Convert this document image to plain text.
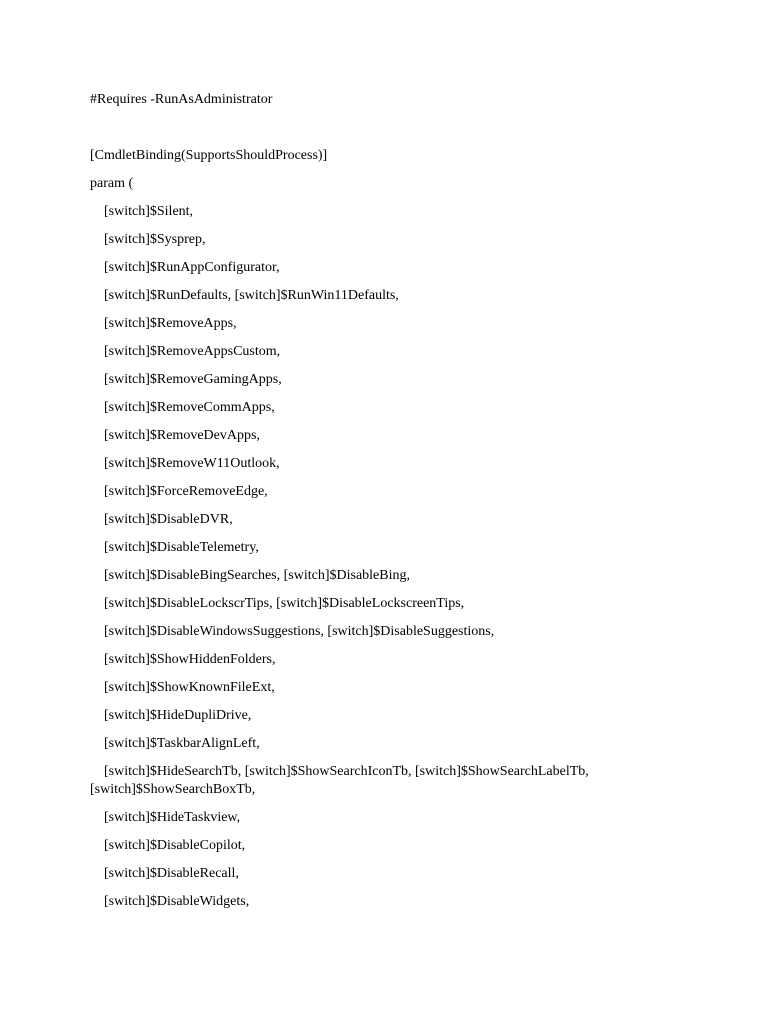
#Requires -RunAsAdministrator

[CmdletBinding(SupportsShouldProcess)]

param (

[switch]$Silent,

[switch]$Sysprep,

[switch]$RunAppConfigurator,

[switch]$RunDefaults, [switch]$RunWin11Defaults,

[switch]$RemoveApps,

[switch]$RemoveAppsCustom,

[switch]$RemoveGamingApps,

[switch]$RemoveCommApps,

[switch]$RemoveDevApps,

[switch]$RemoveW11Outlook,

[switch]$ForceRemoveEdge,

[switch]$DisableDVR,

[switch]$DisableTelemetry,

[switch]$DisableBingSearches, [switch]$DisableBing,

[switch]$DisableLockscrTips, [switch]$DisableLockscreenTips,

[switch]$DisableWindowsSuggestions, [switch]$DisableSuggestions,

[switch]$ShowHiddenFolders,

[switch]$ShowKnownFileExt,

[switch]$HideDupliDrive,

[switch]$TaskbarAlignLeft,

[switch]$HideSearchTb, [switch]$ShowSearchIconTb, [switch]$ShowSearchLabelTb, [switch]$ShowSearchBoxTb,

[switch]$HideTaskview,

[switch]$DisableCopilot,

[switch]$DisableRecall,

[switch]$DisableWidgets,
